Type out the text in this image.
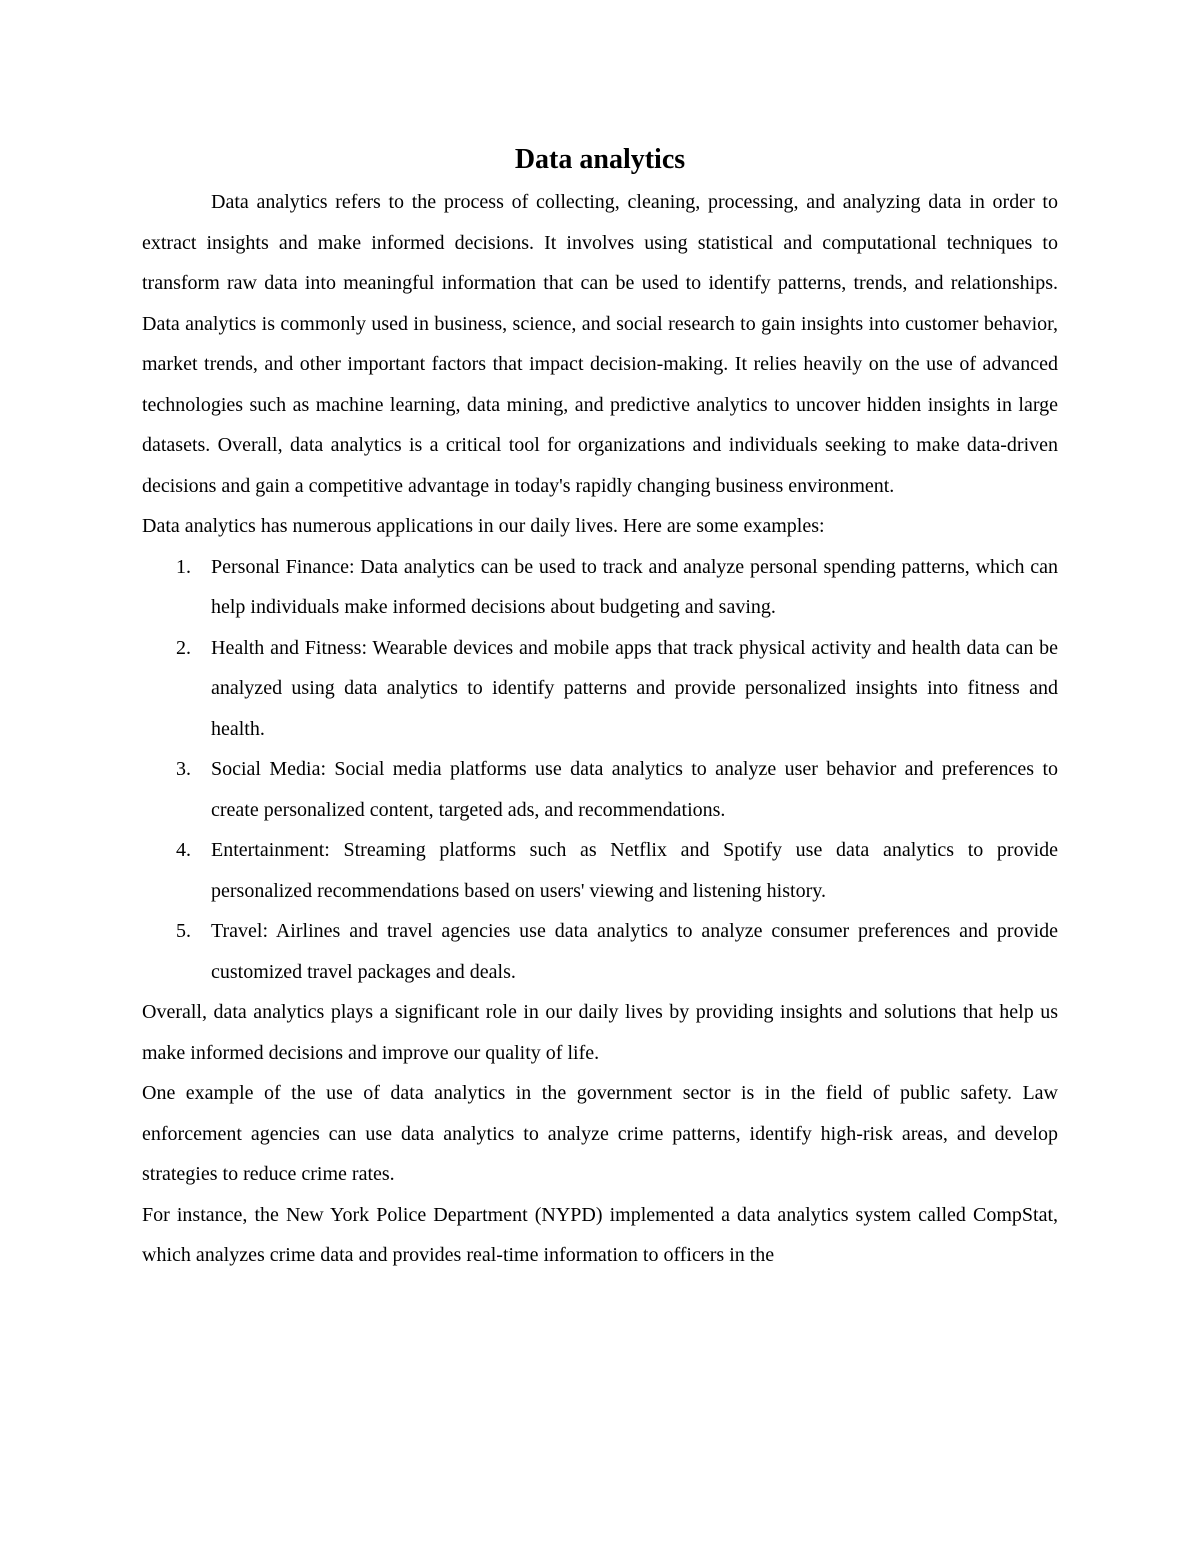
Data analytics

Data analytics refers to the process of collecting, cleaning, processing, and analyzing data in order to extract insights and make informed decisions. It involves using statistical and computational techniques to transform raw data into meaningful information that can be used to identify patterns, trends, and relationships. Data analytics is commonly used in business, science, and social research to gain insights into customer behavior, market trends, and other important factors that impact decision-making. It relies heavily on the use of advanced technologies such as machine learning, data mining, and predictive analytics to uncover hidden insights in large datasets. Overall, data analytics is a critical tool for organizations and individuals seeking to make data-driven decisions and gain a competitive advantage in today's rapidly changing business environment.

Data analytics has numerous applications in our daily lives. Here are some examples:

1. Personal Finance: Data analytics can be used to track and analyze personal spending patterns, which can help individuals make informed decisions about budgeting and saving.
2. Health and Fitness: Wearable devices and mobile apps that track physical activity and health data can be analyzed using data analytics to identify patterns and provide personalized insights into fitness and health.
3. Social Media: Social media platforms use data analytics to analyze user behavior and preferences to create personalized content, targeted ads, and recommendations.
4. Entertainment: Streaming platforms such as Netflix and Spotify use data analytics to provide personalized recommendations based on users' viewing and listening history.
5. Travel: Airlines and travel agencies use data analytics to analyze consumer preferences and provide customized travel packages and deals.

Overall, data analytics plays a significant role in our daily lives by providing insights and solutions that help us make informed decisions and improve our quality of life.

One example of the use of data analytics in the government sector is in the field of public safety. Law enforcement agencies can use data analytics to analyze crime patterns, identify high-risk areas, and develop strategies to reduce crime rates.

For instance, the New York Police Department (NYPD) implemented a data analytics system called CompStat, which analyzes crime data and provides real-time information to officers in the
